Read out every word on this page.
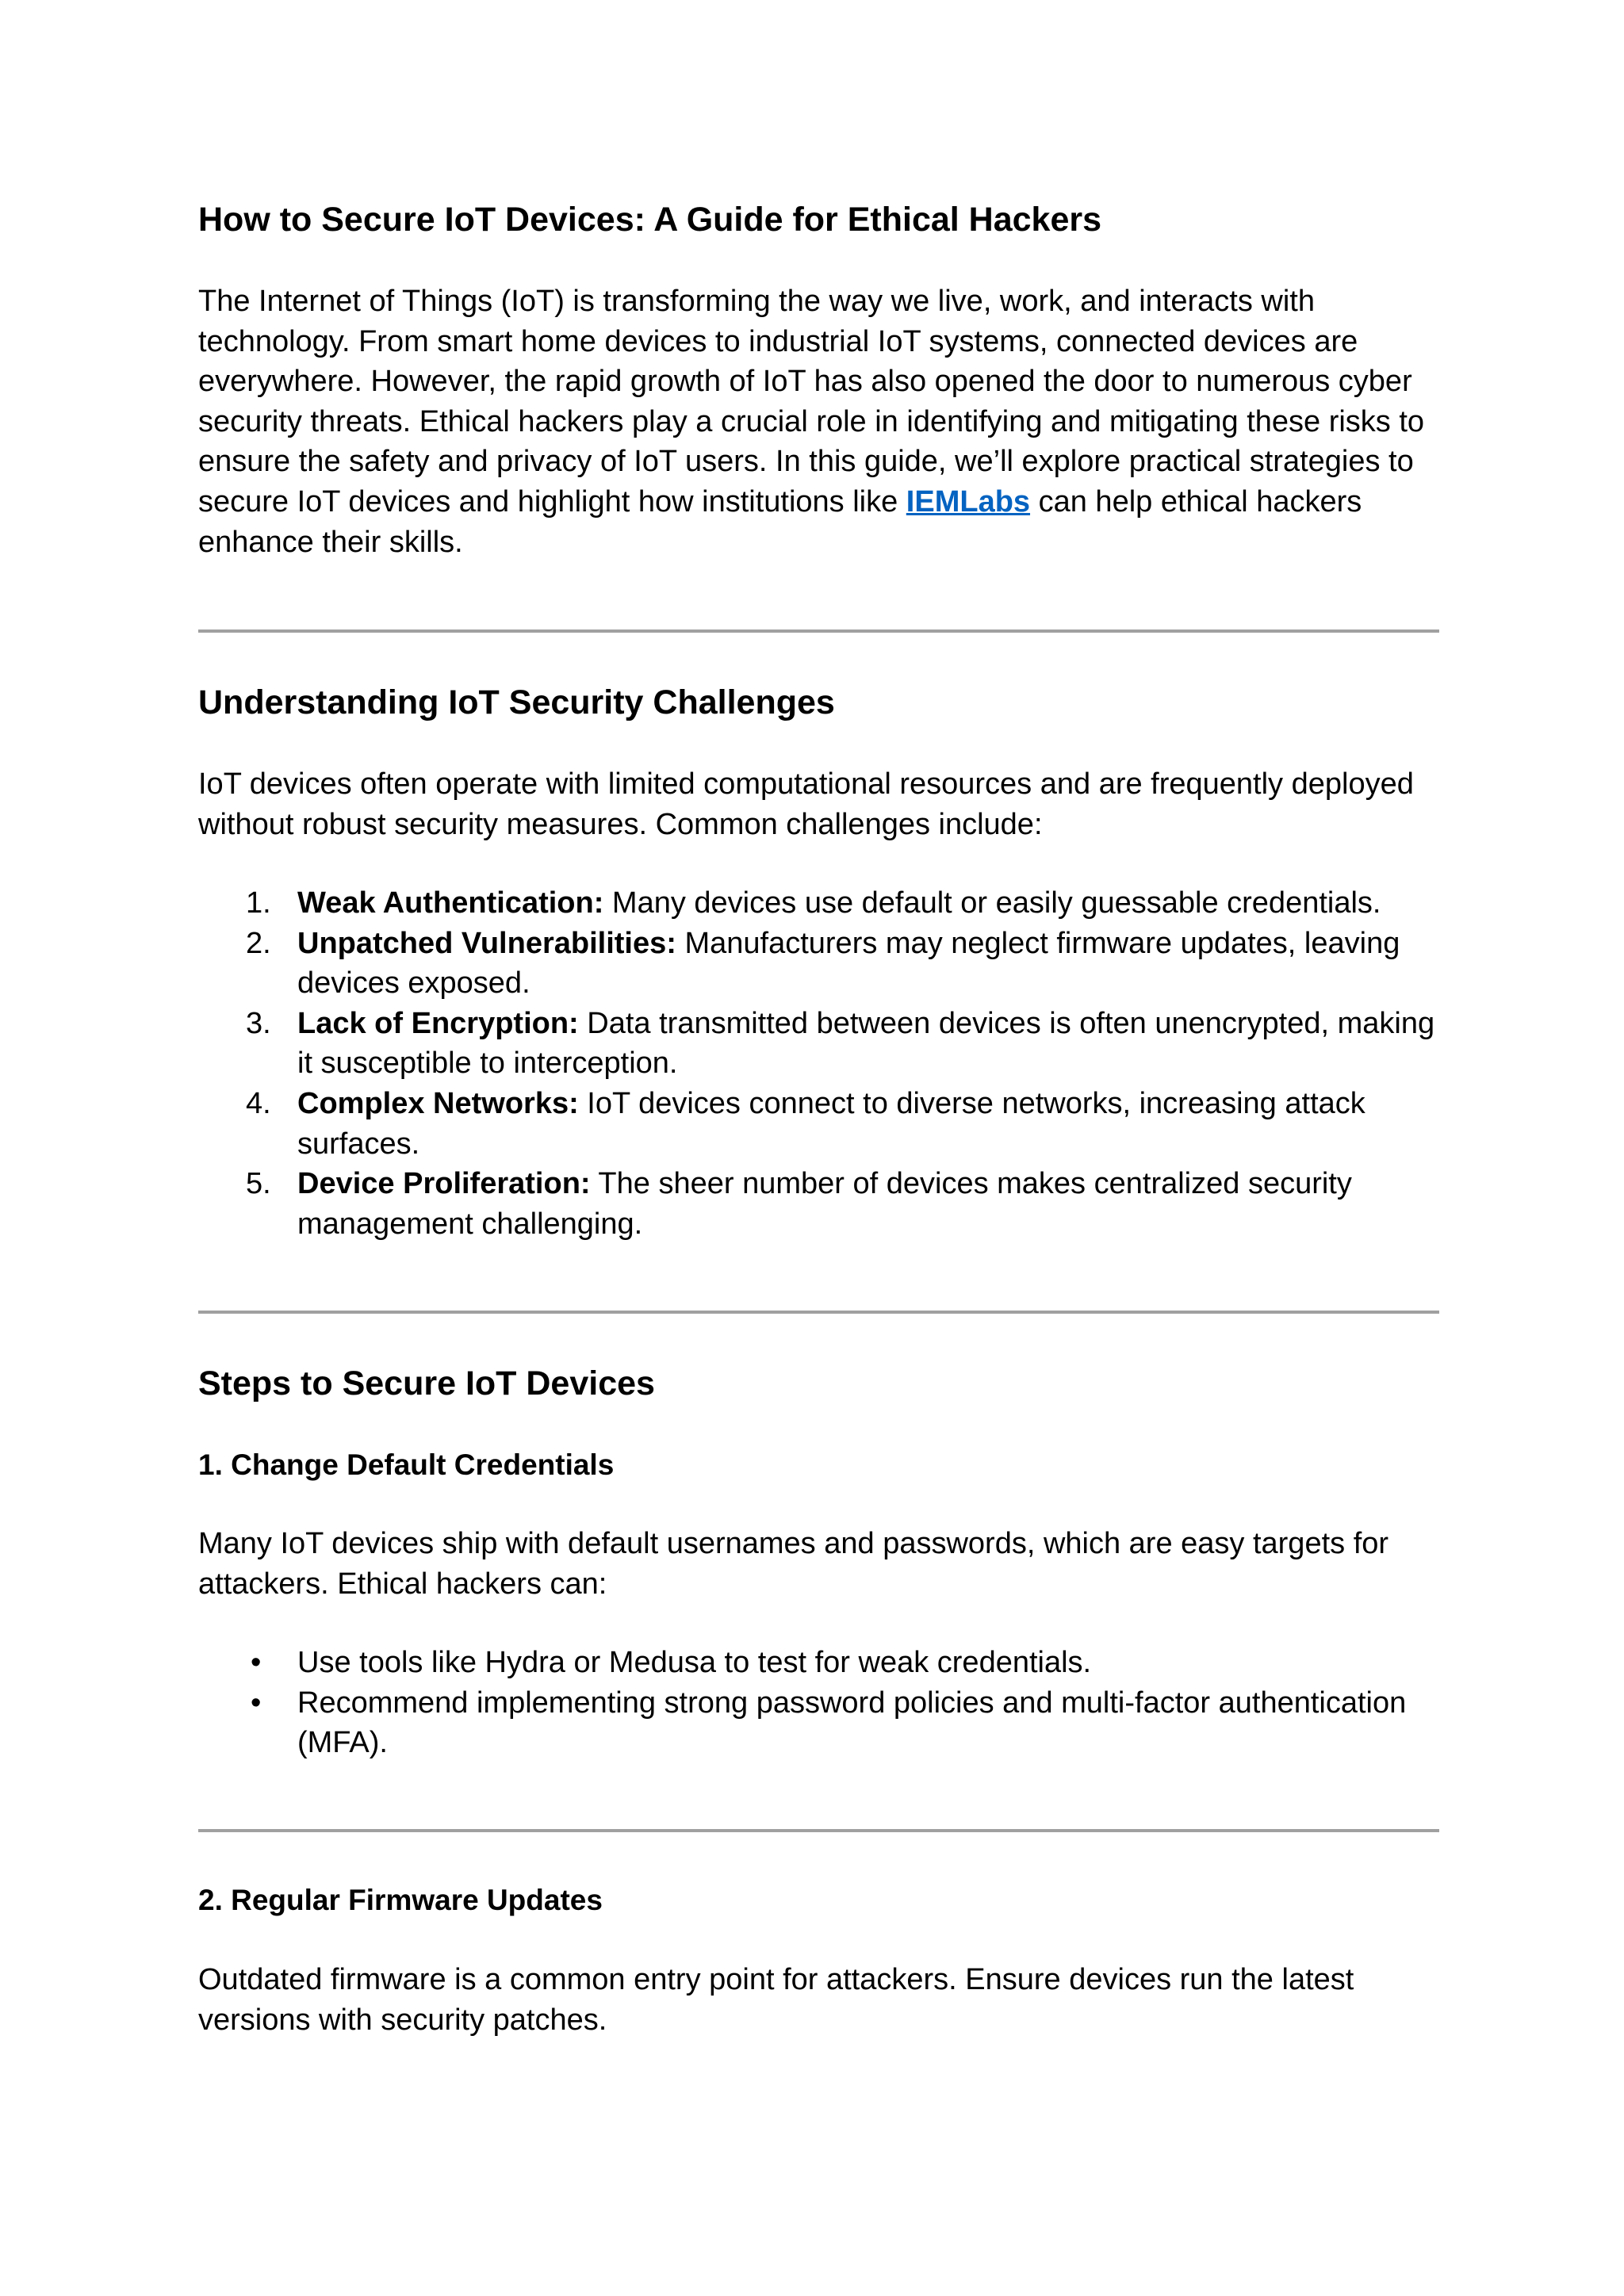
How to Secure IoT Devices: A Guide for Ethical Hackers

The Internet of Things (IoT) is transforming the way we live, work, and interacts with technology. From smart home devices to industrial IoT systems, connected devices are everywhere. However, the rapid growth of IoT has also opened the door to numerous cyber security threats. Ethical hackers play a crucial role in identifying and mitigating these risks to ensure the safety and privacy of IoT users. In this guide, we’ll explore practical strategies to secure IoT devices and highlight how institutions like IEMLabs can help ethical hackers enhance their skills.

Understanding IoT Security Challenges

IoT devices often operate with limited computational resources and are frequently deployed without robust security measures. Common challenges include:

1. Weak Authentication: Many devices use default or easily guessable credentials.
2. Unpatched Vulnerabilities: Manufacturers may neglect firmware updates, leaving devices exposed.
3. Lack of Encryption: Data transmitted between devices is often unencrypted, making it susceptible to interception.
4. Complex Networks: IoT devices connect to diverse networks, increasing attack surfaces.
5. Device Proliferation: The sheer number of devices makes centralized security management challenging.
Steps to Secure IoT Devices
1. Change Default Credentials

Many IoT devices ship with default usernames and passwords, which are easy targets for attackers. Ethical hackers can:

• Use tools like Hydra or Medusa to test for weak credentials.
• Recommend implementing strong password policies and multi-factor authentication (MFA).
2. Regular Firmware Updates

Outdated firmware is a common entry point for attackers. Ensure devices run the latest versions with security patches.
